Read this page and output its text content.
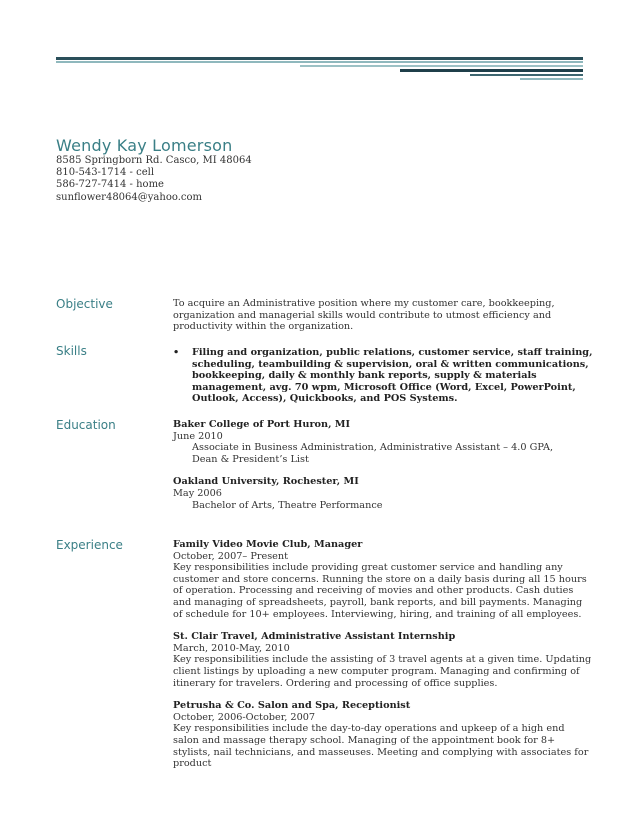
Wendy Kay Lomerson
8585 Springborn Rd. Casco, MI 48064
810-543-1714 - cell
586-727-7414 - home
sunflower48064@yahoo.com
Objective	To acquire an Administrative position where my customer care, bookkeeping, organization and managerial skills would contribute to utmost efficiency and productivity within the organization.
Skills	•	Filing and organization, public relations, customer service, staff training, scheduling, teambuilding & supervision, oral & written communications, bookkeeping, daily & monthly bank reports, supply & materials management, avg. 70 wpm, Microsoft Office (Word, Excel, PowerPoint, Outlook, Access), Quickbooks, and POS Systems.
Education	Baker College of Port Huron, MI
June 2010
Associate in Business Administration, Administrative Assistant – 4.0 GPA,
Dean & President’s List
Oakland University, Rochester, MI
May 2006
Bachelor of Arts, Theatre Performance
Experience	Family Video Movie Club, Manager
October, 2007– Present
Key responsibilities include providing great customer service and handling any customer and store concerns. Running the store on a daily basis during all 15 hours of operation. Processing and receiving of movies and other products. Cash duties and managing of spreadsheets, payroll, bank reports, and bill payments. Managing of schedule for 10+ employees. Interviewing, hiring, and training of all employees.
St. Clair Travel, Administrative Assistant Internship
March, 2010-May, 2010
Key responsibilities include the assisting of 3 travel agents at a given time. Updating client listings by uploading a new computer program. Managing and confirming of itinerary for travelers. Ordering and processing of office supplies.
Petrusha & Co. Salon and Spa, Receptionist
October, 2006-October, 2007
Key responsibilities include the day-to-day operations and upkeep of a high end salon and massage therapy school. Managing of the appointment book for 8+ stylists, nail technicians, and masseuses. Meeting and complying with associates for product
